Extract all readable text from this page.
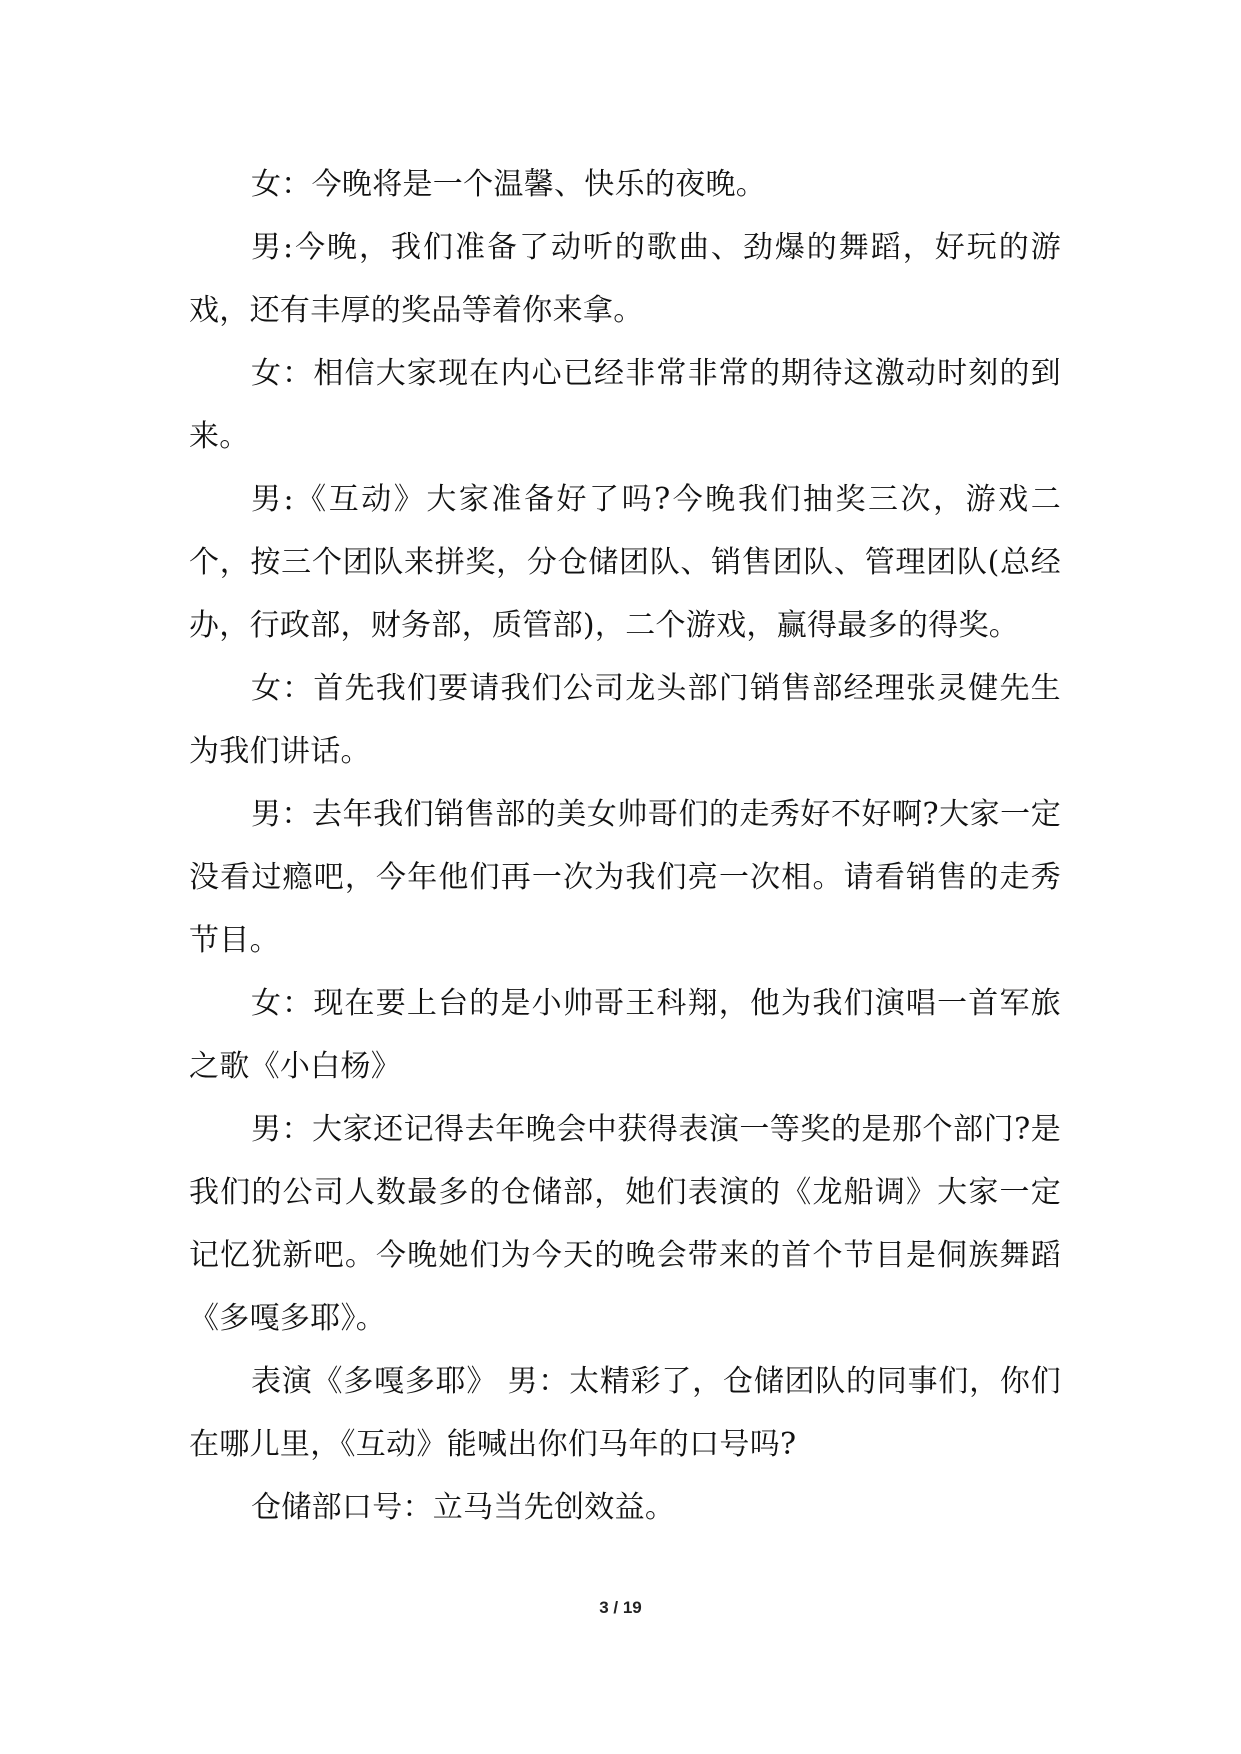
女：今晚将是一个温馨、快乐的夜晚。

男:今晚，我们准备了动听的歌曲、劲爆的舞蹈，好玩的游戏，还有丰厚的奖品等着你来拿。

女：相信大家现在内心已经非常非常的期待这激动时刻的到来。

男:《互动》大家准备好了吗?今晚我们抽奖三次，游戏二个，按三个团队来拼奖，分仓储团队、销售团队、管理团队(总经办，行政部，财务部，质管部)，二个游戏，赢得最多的得奖。

女：首先我们要请我们公司龙头部门销售部经理张灵健先生为我们讲话。

男：去年我们销售部的美女帅哥们的走秀好不好啊?大家一定没看过瘾吧，今年他们再一次为我们亮一次相。请看销售的走秀节目。

女：现在要上台的是小帅哥王科翔，他为我们演唱一首军旅之歌《小白杨》

男：大家还记得去年晚会中获得表演一等奖的是那个部门?是我们的公司人数最多的仓储部，她们表演的《龙船调》大家一定记忆犹新吧。今晚她们为今天的晚会带来的首个节目是侗族舞蹈《多嘎多耶》。

表演《多嘎多耶》 男：太精彩了，仓储团队的同事们，你们在哪儿里，《互动》能喊出你们马年的口号吗?

仓储部口号：立马当先创效益。

3 / 19
